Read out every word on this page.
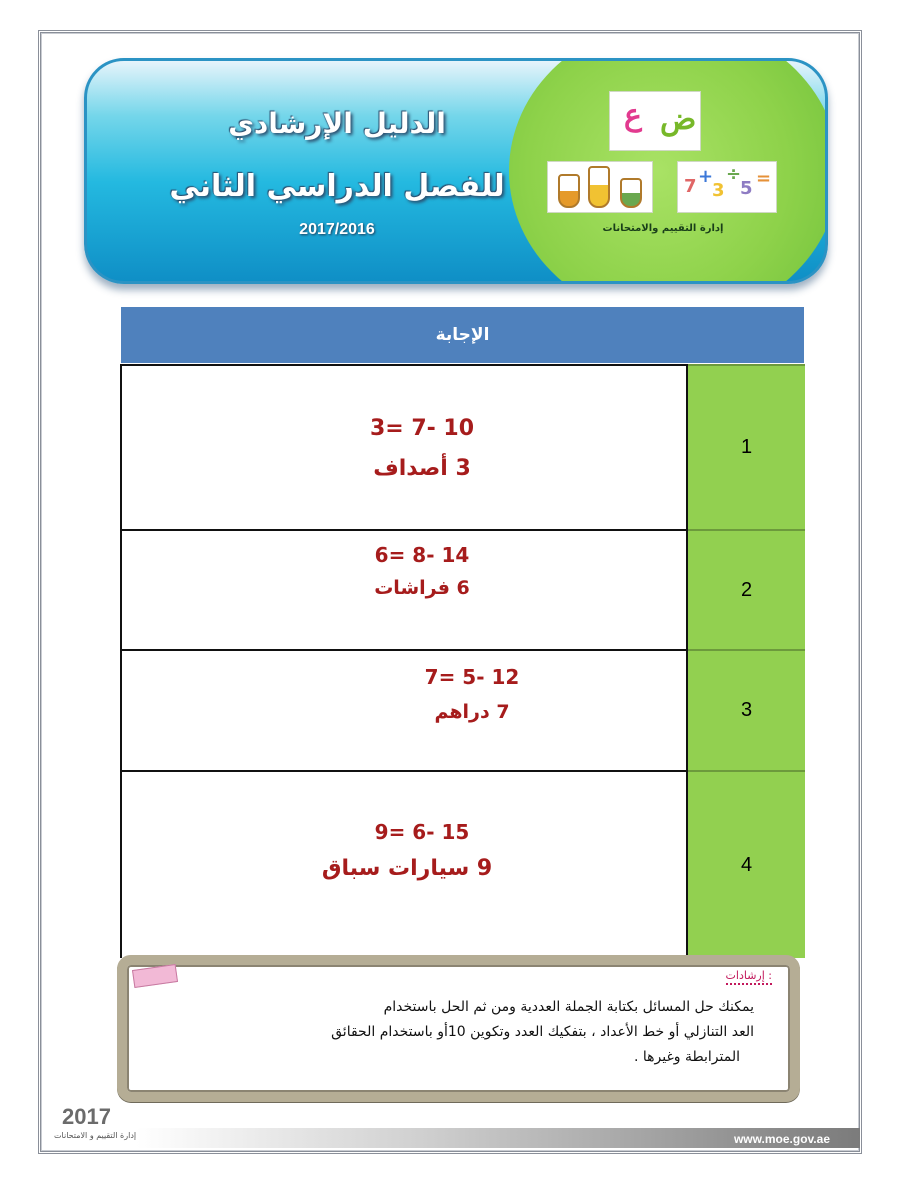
الدليل الإرشادي
للفصل الدراسي الثاني
2017/2016
ع ض
7 +
3
÷
5 =
إدارة التقييم والامتحانات
الإجابة
3= 7- 10
3 أصداف
1
6= 8- 14
6 فراشات	2
7= 5- 12
7 دراهم	3
9= 6- 15
9 سيارات سباق	4
إرشادات :
يمكنك حل المسائل بكتابة الجملة العددية ومن ثم الحل باستخدام
العد التنازلي أو خط الأعداد ، بتفكيك العدد وتكوين 10أو باستخدام الحقائق
المترابطة وغيرها .
2017
إدارة التقييم و الامتحانات	www.moe.gov.ae
